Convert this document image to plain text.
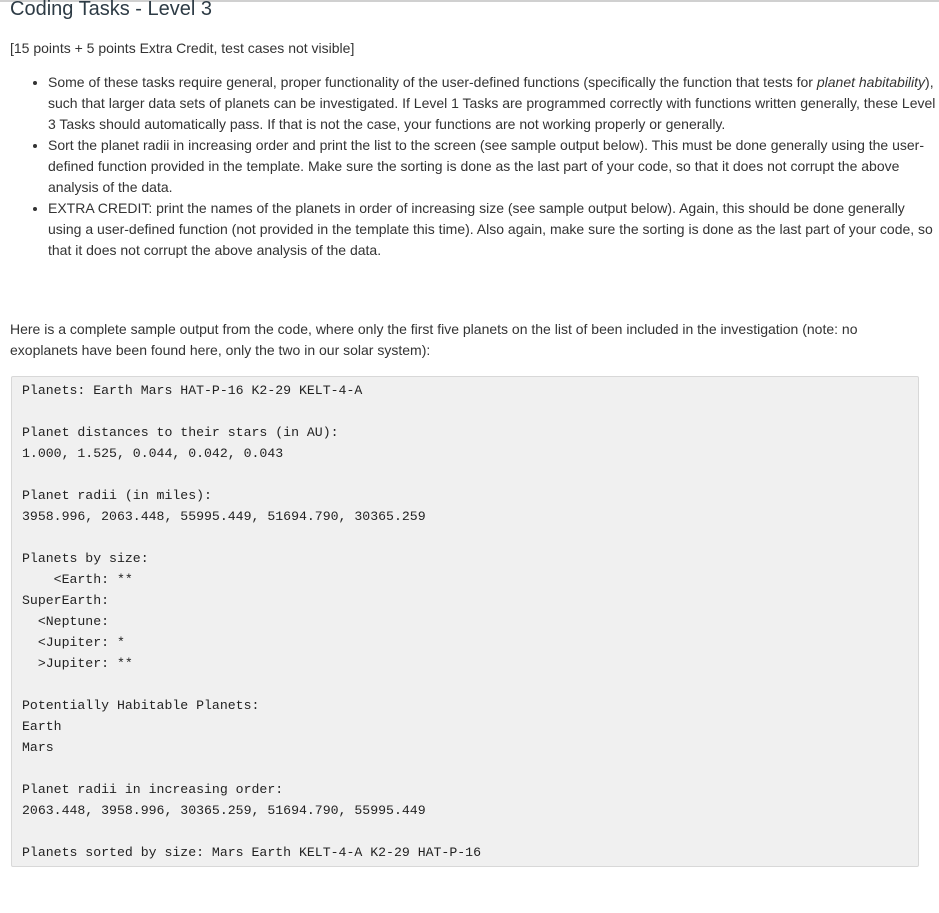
Coding Tasks - Level 3

[15 points + 5 points Extra Credit, test cases not visible]

• Some of these tasks require general, proper functionality of the user-defined functions (specifically the function that tests for planet habitability), such that larger data sets of planets can be investigated. If Level 1 Tasks are programmed correctly with functions written generally, these Level 3 Tasks should automatically pass. If that is not the case, your functions are not working properly or generally.
• Sort the planet radii in increasing order and print the list to the screen (see sample output below). This must be done generally using the user-defined function provided in the template. Make sure the sorting is done as the last part of your code, so that it does not corrupt the above analysis of the data.
• EXTRA CREDIT: print the names of the planets in order of increasing size (see sample output below). Again, this should be done generally using a user-defined function (not provided in the template this time). Also again, make sure the sorting is done as the last part of your code, so that it does not corrupt the above analysis of the data.

Here is a complete sample output from the code, where only the first five planets on the list of been included in the investigation (note: no exoplanets have been found here, only the two in our solar system):

Planets: Earth Mars HAT-P-16 K2-29 KELT-4-A

Planet distances to their stars (in AU):
1.000, 1.525, 0.044, 0.042, 0.043

Planet radii (in miles):
3958.996, 2063.448, 55995.449, 51694.790, 30365.259

Planets by size:
<Earth: **
SuperEarth:
<Neptune:
<Jupiter: *
>Jupiter: **

Potentially Habitable Planets:
Earth
Mars

Planet radii in increasing order:
2063.448, 3958.996, 30365.259, 51694.790, 55995.449

Planets sorted by size: Mars Earth KELT-4-A K2-29 HAT-P-16
